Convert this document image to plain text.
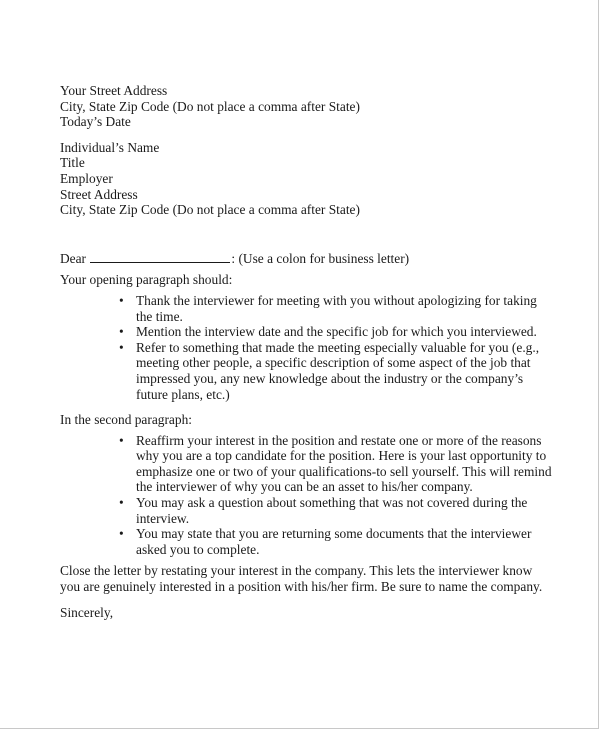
Your Street Address
City, State Zip Code (Do not place a comma after State)
Today’s Date
Individual’s Name
Title
Employer
Street Address
City, State Zip Code (Do not place a comma after State)
Dear	: (Use a colon for business letter)
Your opening paragraph should:
• Thank the interviewer for meeting with you without apologizing for taking
the time.
• Mention the interview date and the specific job for which you interviewed.
• Refer to something that made the meeting especially valuable for you (e.g.,
meeting other people, a specific description of some aspect of the job that
impressed you, any new knowledge about the industry or the company’s
future plans, etc.)
In the second paragraph:
• Reaffirm your interest in the position and restate one or more of the reasons
why you are a top candidate for the position. Here is your last opportunity to
emphasize one or two of your qualifications-to sell yourself. This will remind
the interviewer of why you can be an asset to his/her company.
• You may ask a question about something that was not covered during the
interview.
• You may state that you are returning some documents that the interviewer
asked you to complete.
Close the letter by restating your interest in the company. This lets the interviewer know
you are genuinely interested in a position with his/her firm. Be sure to name the company.
Sincerely,
